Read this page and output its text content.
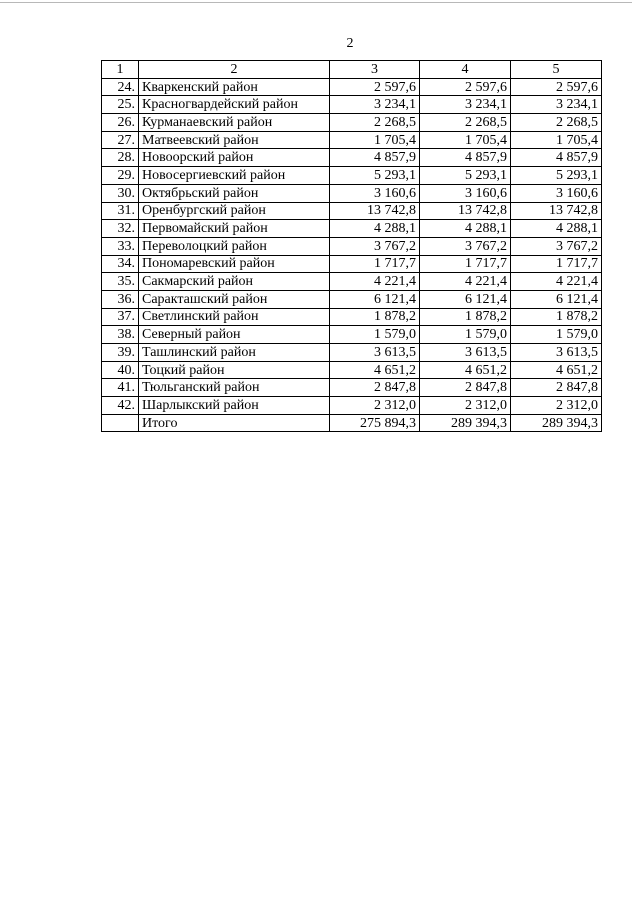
2
1	2	3	4	5
24.	Кваркенский район	2 597,6	2 597,6	2 597,6
25.	Красногвардейский район	3 234,1	3 234,1	3 234,1
26.	Курманаевский район	2 268,5	2 268,5	2 268,5
27.	Матвеевский район	1 705,4	1 705,4	1 705,4
28.	Новоорский район	4 857,9	4 857,9	4 857,9
29.	Новосергиевский район	5 293,1	5 293,1	5 293,1
30.	Октябрьский район	3 160,6	3 160,6	3 160,6
31.	Оренбургский район	13 742,8	13 742,8	13 742,8
32.	Первомайский район	4 288,1	4 288,1	4 288,1
33.	Переволоцкий район	3 767,2	3 767,2	3 767,2
34.	Пономаревский район	1 717,7	1 717,7	1 717,7
35.	Сакмарский район	4 221,4	4 221,4	4 221,4
36.	Саракташский район	6 121,4	6 121,4	6 121,4
37.	Светлинский район	1 878,2	1 878,2	1 878,2
38.	Северный район	1 579,0	1 579,0	1 579,0
39.	Ташлинский район	3 613,5	3 613,5	3 613,5
40.	Тоцкий район	4 651,2	4 651,2	4 651,2
41.	Тюльганский район	2 847,8	2 847,8	2 847,8
42.	Шарлыкский район	2 312,0	2 312,0	2 312,0
	Итого	275 894,3	289 394,3	289 394,3
